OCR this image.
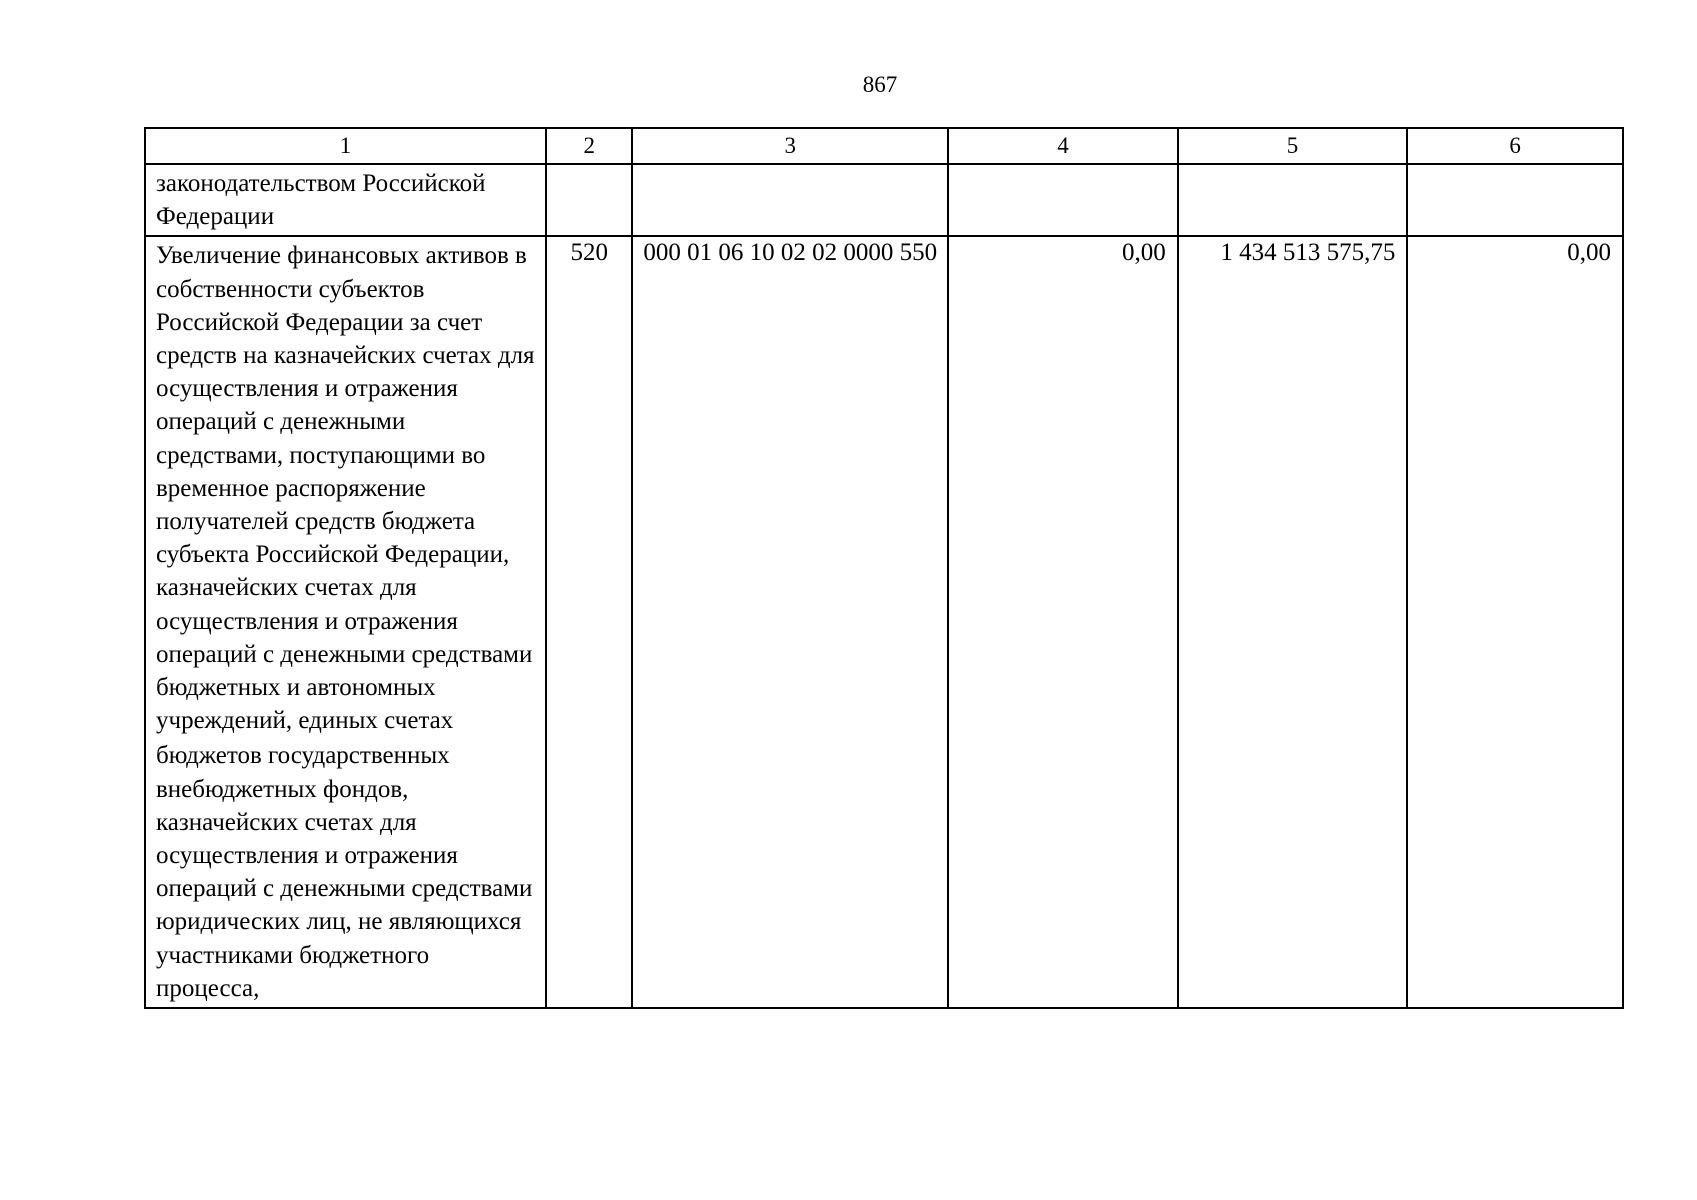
867
1	2	3	4	5	6

законодательством Российской Федерации					

Увеличение финансовых активов в собственности субъектов Российской Федерации за счет средств на казначейских счетах для осуществления и отражения операций с денежными средствами, поступающими во временное распоряжение получателей средств бюджета субъекта Российской Федерации, казначейских счетах для осуществления и отражения операций с денежными средствами бюджетных и автономных учреждений, единых счетах
бюджетов государственных внебюджетных фондов, казначейских счетах для осуществления и отражения операций с денежными средствами юридических лиц, не являющихся участниками бюджетного процесса,	520	000 01 06 10 02 02 0000 550	0,00	1 434 513 575,75	0,00
